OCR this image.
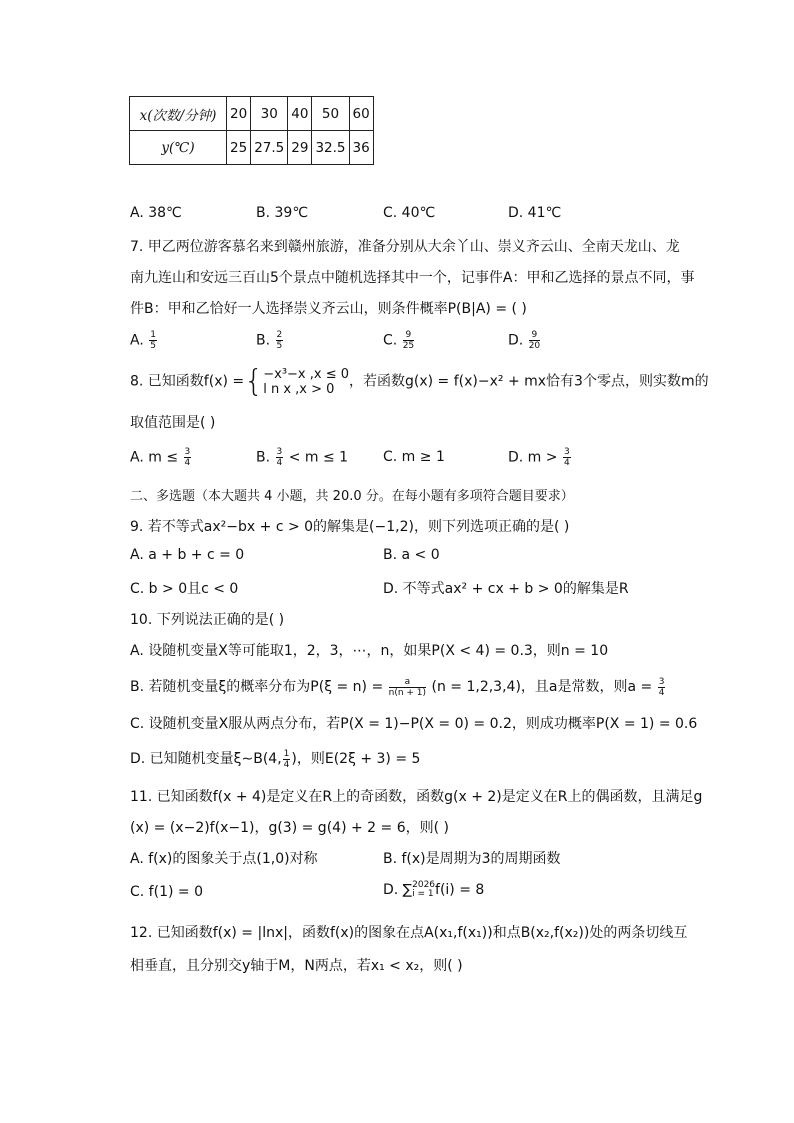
x(次数/分钟)	20	30	40	50	60
y(℃)	25	27.5	29	32.5	36
A. 38℃	B. 39℃	C. 40℃	D. 41℃
7. 甲乙两位游客慕名来到赣州旅游，准备分别从大余丫山、崇义齐云山、全南天龙山、龙
南九连山和安远三百山5个景点中随机选择其中一个，记事件A：甲和乙选择的景点不同，事
件B：甲和乙恰好一人选择崇义齐云山，则条件概率P(B|A) = ( )
A. $\frac{1}{5}$	B. $\frac{2}{5}$	C. $\frac{9}{25}$	D. $\frac{9}{20}$
8. 已知函数f(x) ={ −x³−x ,x ≤ 0
l n x ,x > 0	，若函数g(x) = f(x)−x² + mx恰有3个零点，则实数m的
取值范围是( )
A. $m \le \frac{3}{4}$	B. $\frac{3}{4} < m \le 1$ C. m ≥ 1	D. $m > \frac{3}{4}$
二、多选题（本大题共 4 小题，共 20.0 分。在每小题有多项符合题目要求）
9. 若不等式ax²−bx + c > 0的解集是(−1,2)，则下列选项正确的是( )
A. a + b + c = 0	B. a < 0
C. b > 0且c < 0	D. 不等式ax² + cx + b > 0的解集是R
10. 下列说法正确的是( )
A. 设随机变量X等可能取1，2，3，⋯，n，如果P(X < 4) = 0.3，则n = 10
B. 若随机变量ξ的概率分布为$P(\xi = n) = \frac{a}{n(n + 1)} (n = 1,2,3,4)$，且a是常数，则$a = \frac{3}{4}$
C. 设随机变量X服从两点分布，若P(X = 1)−P(X = 0) = 0.2，则成功概率P(X = 1) = 0.6
D. 已知随机变量ξ∼B(4, $\frac{1}{4}$ )，则E(2ξ + 3) = 5
11. 已知函数f(x + 4)是定义在R上的奇函数，函数g(x + 2)是定义在R上的偶函数，且满足g
(x) = (x−2)f(x−1)，g(3) = g(4) + 2 = 6，则( )
A. f(x)的图象关于点(1,0)对称	B. f(x)是周期为3的周期函数
C. f(1) = 0	D. ∑ 2026
i = 1 f(i) = 8
12. 已知函数f(x) = |lnx|，函数f(x)的图象在点A(x₁,f(x₁))和点B(x₂,f(x₂))处的两条切线互
相垂直，且分别交y轴于M，N两点，若x₁ < x₂，则( )
